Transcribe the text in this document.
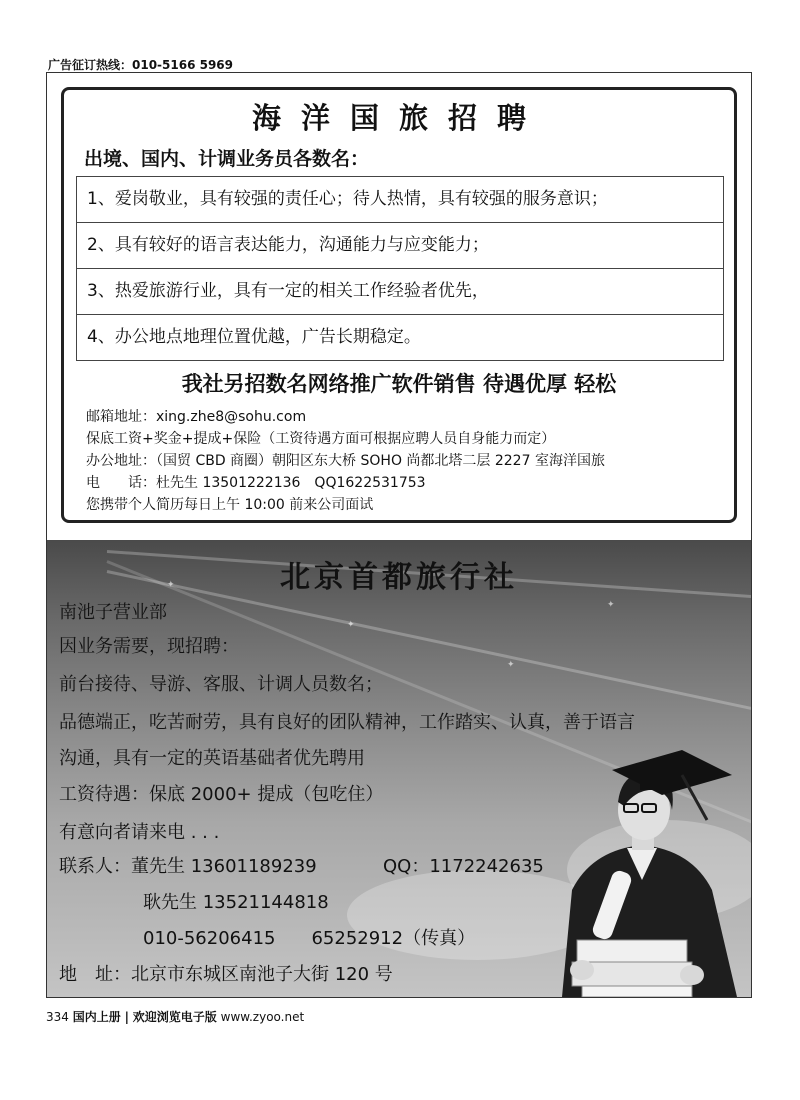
广告征订热线：010-5166 5969
海洋国旅招聘
出境、国内、计调业务员各数名：
1、爱岗敬业，具有较强的责任心；待人热情，具有较强的服务意识；
2、具有较好的语言表达能力，沟通能力与应变能力；
3、热爱旅游行业，具有一定的相关工作经验者优先，
4、办公地点地理位置优越，广告长期稳定。
我社另招数名网络推广软件销售 待遇优厚 轻松
邮箱地址：xing.zhe8@sohu.com
保底工资+奖金+提成+保险（工资待遇方面可根据应聘人员自身能力而定）
办公地址：（国贸 CBD 商圈）朝阳区东大桥 SOHO 尚都北塔二层 2227 室海洋国旅
电　　话：杜先生 13501222136　QQ1622531753
您携带个人简历每日上午 10:00 前来公司面试
✦
✦
✦
✦
北京首都旅行社
南池子营业部
因业务需要，现招聘：
前台接待、导游、客服、计调人员数名；
品德端正，吃苦耐劳，具有良好的团队精神，工作踏实、认真，善于语言
沟通，具有一定的英语基础者优先聘用
工资待遇：保底 2000+ 提成（包吃住）
有意向者请来电 . . .
联系人：董先生 13601189239	QQ：1172242635
耿先生 13521144818
010-56206415　　65252912（传真）
地　址：北京市东城区南池子大街 120 号
334 国内上册 | 欢迎浏览电子版 www.zyoo.net
